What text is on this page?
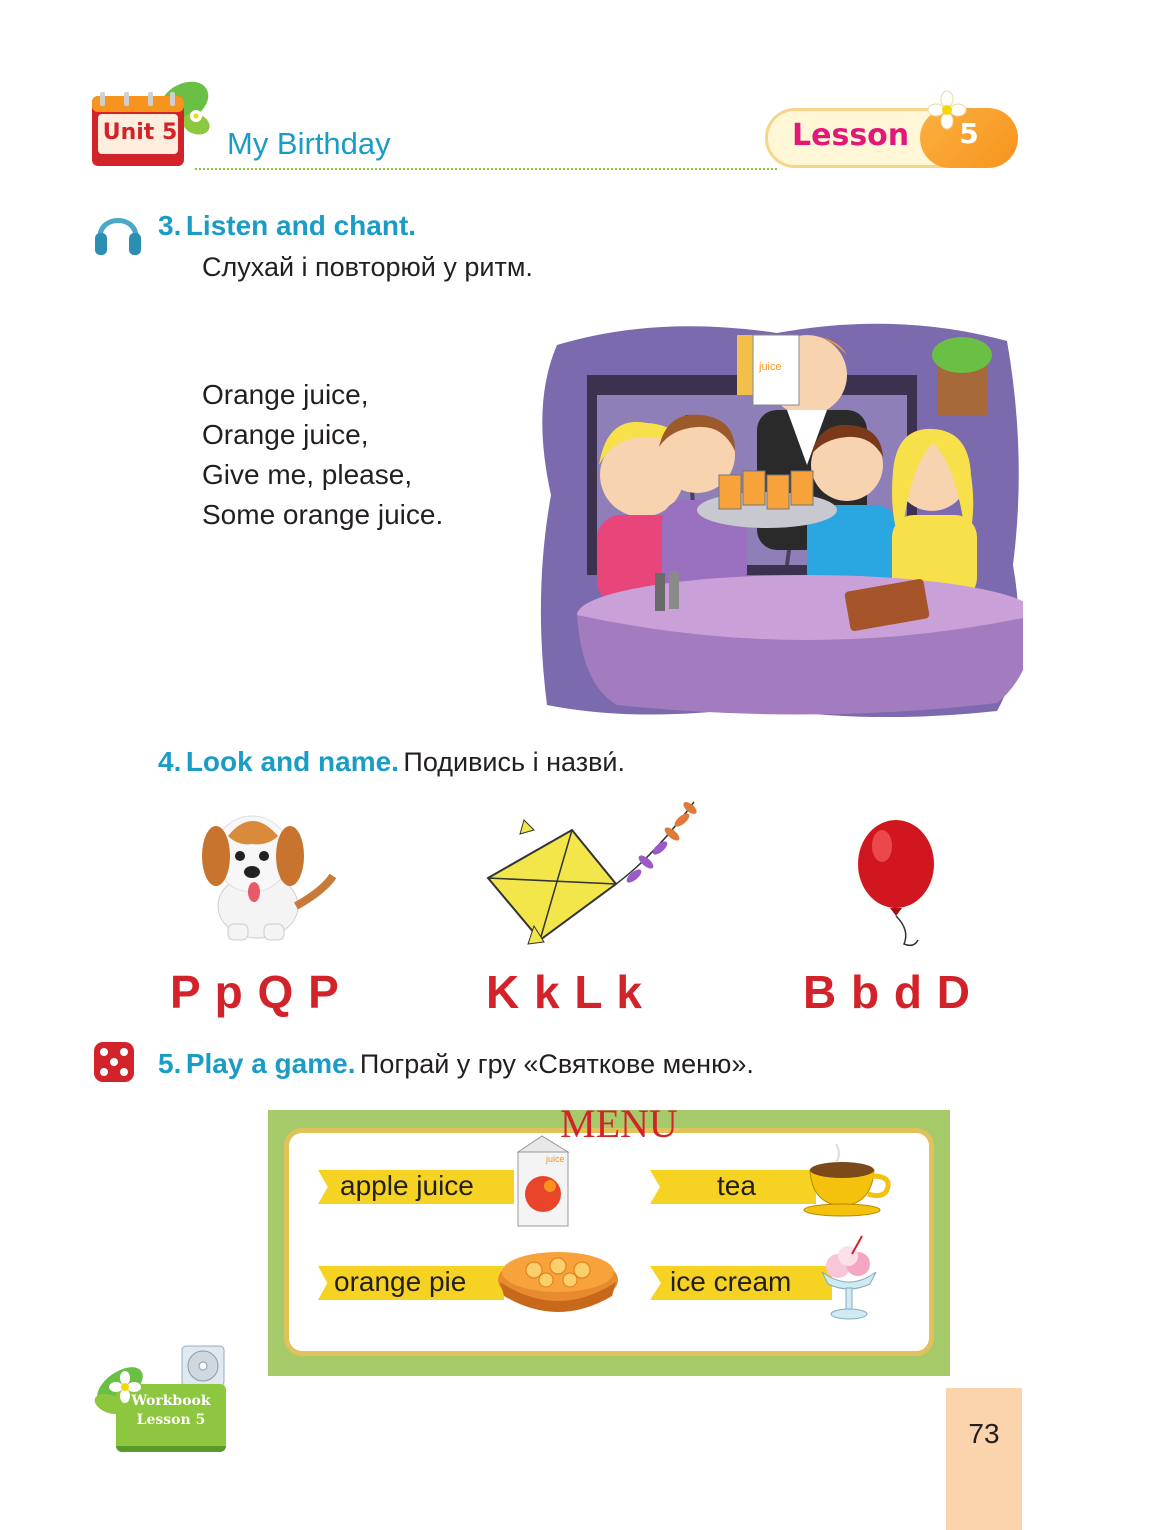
Unit 5 My Birthday	Lesson	5
3. Listen and chant.
Слухай і повторюй у ритм.
Orange juice,
Orange juice,
Give me, please,
Some orange juice.
juice
4. Look and name. Подивись і назви́.
P p Q P	K k L k	B b d D
5. Play a game. Пограй у гру «Святкове меню».
MENU
apple juice	tea
orange pie	ice cream
juice
Workbook
Lesson 5	73
